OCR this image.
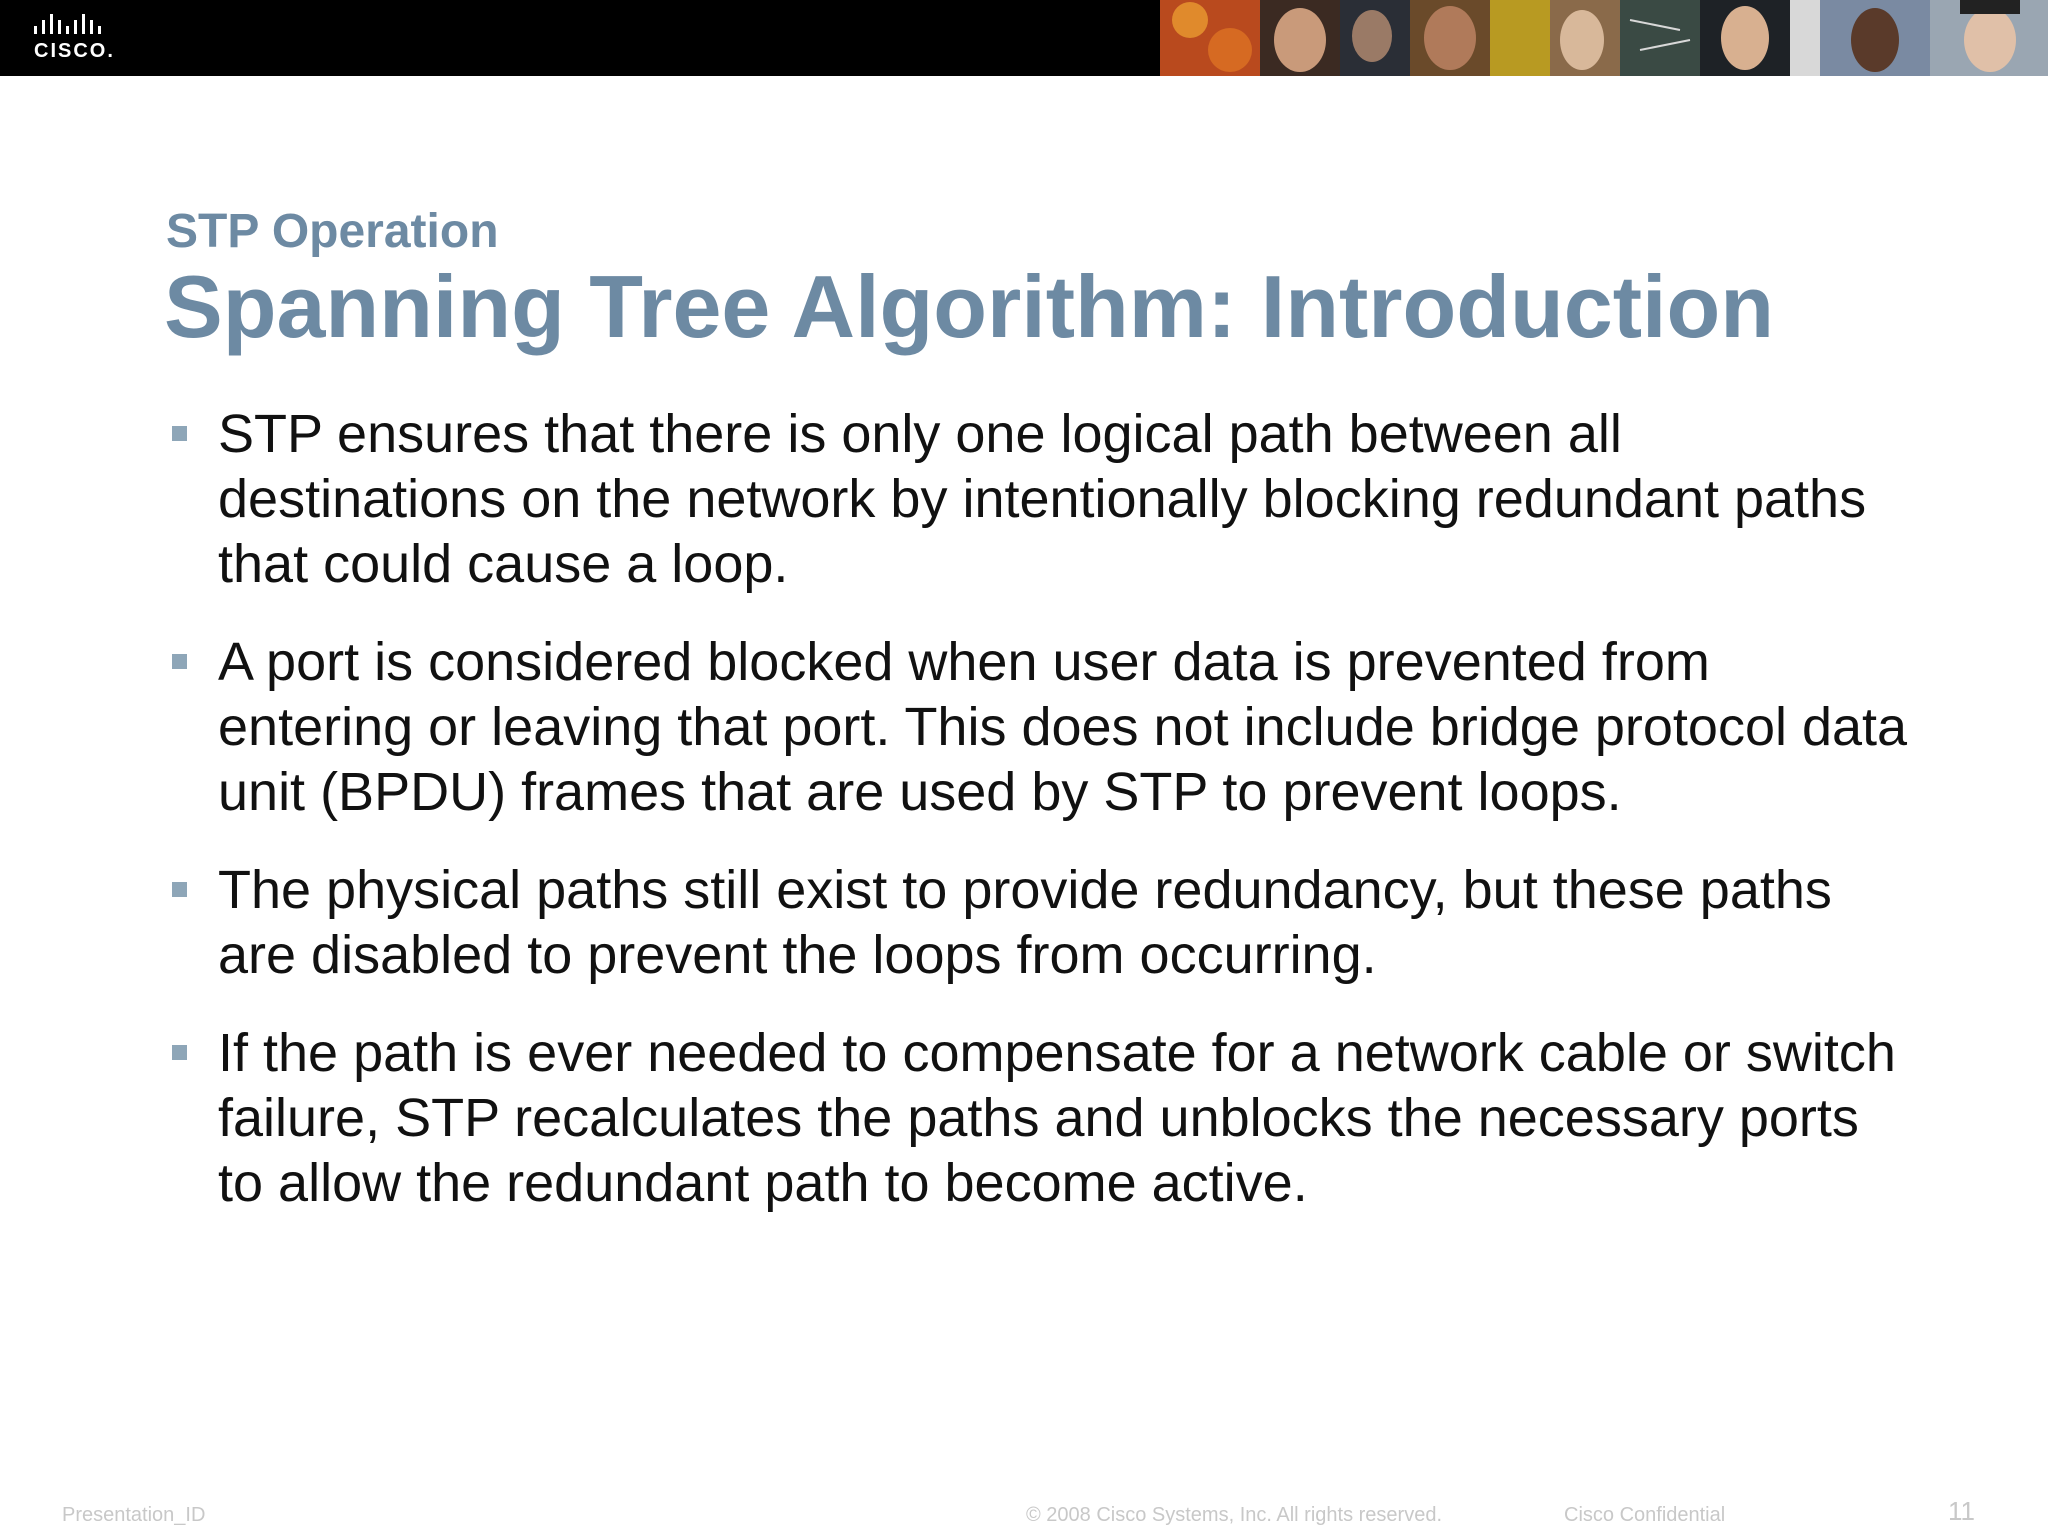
CISCO.
STP Operation
Spanning Tree Algorithm: Introduction
STP ensures that there is only one logical path between all destinations on the network by intentionally blocking redundant paths that could cause a loop.
A port is considered blocked when user data is prevented from entering or leaving that port. This does not include bridge protocol data unit (BPDU) frames that are used by STP to prevent loops.
The physical paths still exist to provide redundancy, but these paths are disabled to prevent the loops from occurring.
If the path is ever needed to compensate for a network cable or switch failure, STP recalculates the paths and unblocks the necessary ports to allow the redundant path to become active.
Presentation_ID	© 2008 Cisco Systems, Inc. All rights reserved.	Cisco Confidential	11
